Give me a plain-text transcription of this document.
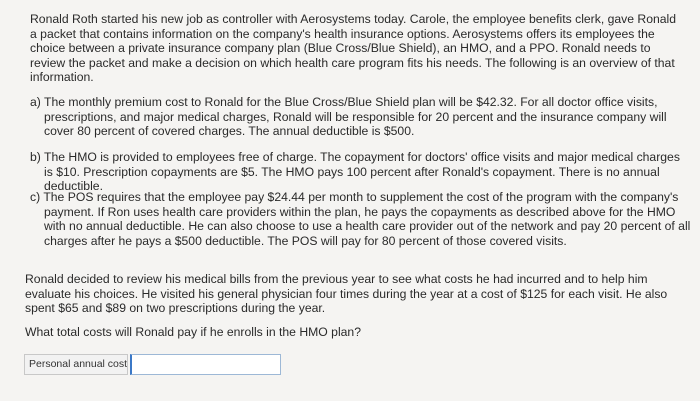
Ronald Roth started his new job as controller with Aerosystems today. Carole, the employee benefits clerk, gave Ronald a packet that contains information on the company's health insurance options. Aerosystems offers its employees the choice between a private insurance company plan (Blue Cross/Blue Shield), an HMO, and a PPO. Ronald needs to review the packet and make a decision on which health care program fits his needs. The following is an overview of that information.

a) The monthly premium cost to Ronald for the Blue Cross/Blue Shield plan will be $42.32. For all doctor office visits, prescriptions, and major medical charges, Ronald will be responsible for 20 percent and the insurance company will cover 80 percent of covered charges. The annual deductible is $500.

b) The HMO is provided to employees free of charge. The copayment for doctors' office visits and major medical charges is $10. Prescription copayments are $5. The HMO pays 100 percent after Ronald's copayment. There is no annual deductible.

c) The POS requires that the employee pay $24.44 per month to supplement the cost of the program with the company's payment. If Ron uses health care providers within the plan, he pays the copayments as described above for the HMO with no annual deductible. He can also choose to use a health care provider out of the network and pay 20 percent of all charges after he pays a $500 deductible. The POS will pay for 80 percent of those covered visits.

Ronald decided to review his medical bills from the previous year to see what costs he had incurred and to help him evaluate his choices. He visited his general physician four times during the year at a cost of $125 for each visit. He also spent $65 and $89 on two prescriptions during the year.

What total costs will Ronald pay if he enrolls in the HMO plan?

Personal annual cost
